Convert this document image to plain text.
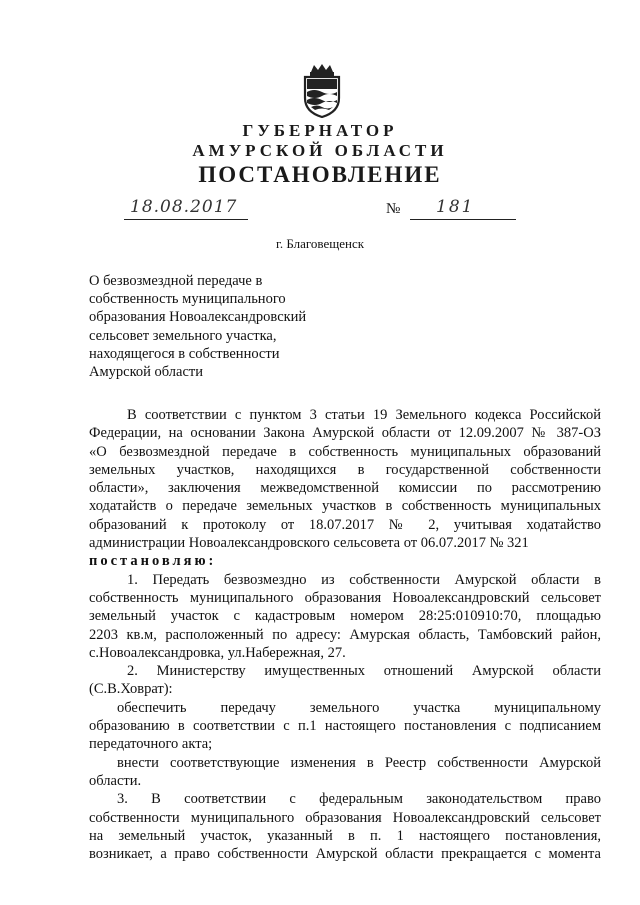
ГУБЕРНАТОР
АМУРСКОЙ ОБЛАСТИ
ПОСТАНОВЛЕНИЕ
18.08.2017	№ 181
г. Благовещенск
О безвозмездной передаче в
собственность муниципального
образования Новоалександровский
сельсовет земельного участка,
находящегося в собственности
Амурской области
В соответствии с пунктом 3 статьи 19 Земельного кодекса Российской
Федерации, на основании Закона Амурской области от 12.09.2007 № 387-ОЗ
«О безвозмездной передаче в собственность муниципальных образований
земельных участков, находящихся в государственной собственности
области», заключения межведомственной комиссии по рассмотрению
ходатайств о передаче земельных участков в собственность муниципальных
образований к протоколу от 18.07.2017 № 2, учитывая ходатайство
администрации Новоалександровского сельсовета от 06.07.2017 № 321
постановляю:
1. Передать безвозмездно из собственности Амурской области в
собственность муниципального образования Новоалександровский сельсовет
земельный участок с кадастровым номером 28:25:010910:70, площадью
2203 кв.м, расположенный по адресу: Амурская область, Тамбовский район,
с.Новоалександровка, ул.Набережная, 27.
2. Министерству имущественных отношений Амурской области
(С.В.Ховрат):
обеспечить передачу земельного участка муниципальному
образованию в соответствии с п.1 настоящего постановления с подписанием
передаточного акта;
внести соответствующие изменения в Реестр собственности Амурской
области.
3. В соответствии с федеральным законодательством право
собственности муниципального образования Новоалександровский сельсовет
на земельный участок, указанный в п. 1 настоящего постановления,
возникает, а право собственности Амурской области прекращается с момента
